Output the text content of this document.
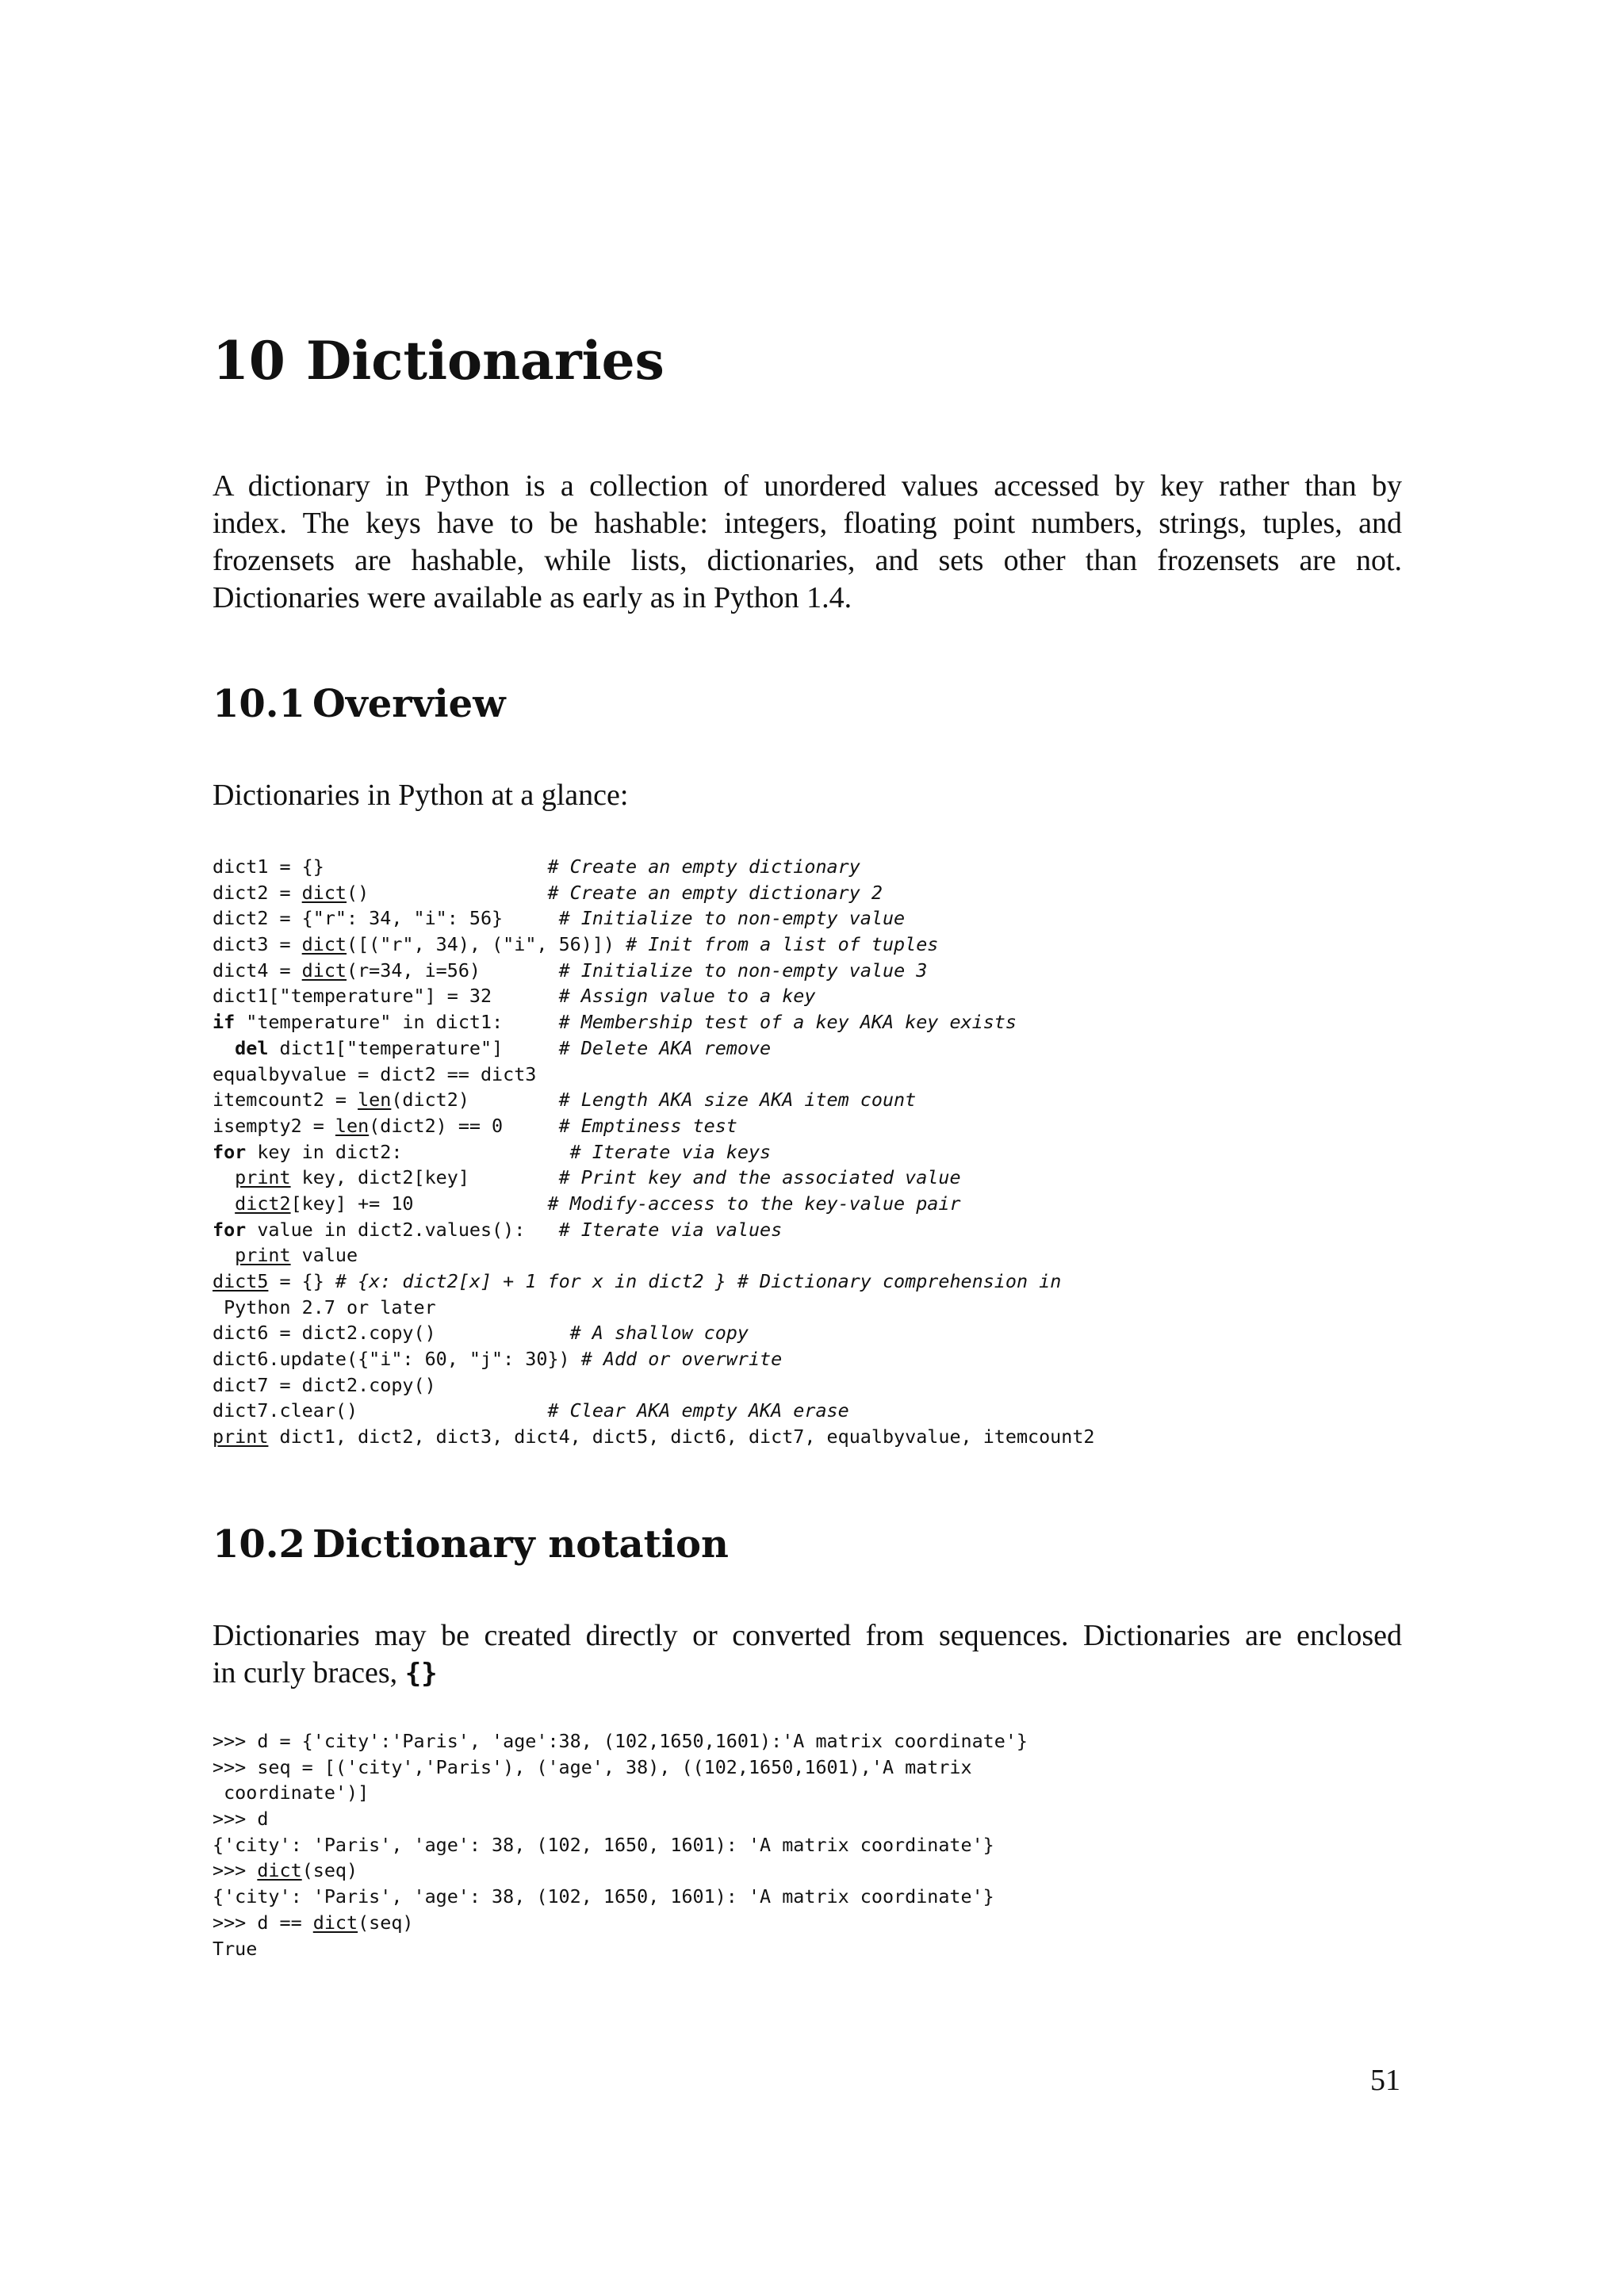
10 Dictionaries

A dictionary in Python is a collection of unordered values accessed by key rather than by
index. The keys have to be hashable: integers, floating point numbers, strings, tuples, and
frozensets are hashable, while lists, dictionaries, and sets other than frozensets are not.
Dictionaries were available as early as in Python 1.4.

10.1 Overview

Dictionaries in Python at a glance:

dict1 = {}                    # Create an empty dictionary
dict2 = dict()                # Create an empty dictionary 2
dict2 = {"r": 34, "i": 56}     # Initialize to non-empty value
dict3 = dict([("r", 34), ("i", 56)]) # Init from a list of tuples
dict4 = dict(r=34, i=56)       # Initialize to non-empty value 3
dict1["temperature"] = 32      # Assign value to a key
if "temperature" in dict1:     # Membership test of a key AKA key exists
del dict1["temperature"]     # Delete AKA remove
equalbyvalue = dict2 == dict3
itemcount2 = len(dict2)        # Length AKA size AKA item count
isempty2 = len(dict2) == 0     # Emptiness test
for key in dict2:               # Iterate via keys
print key, dict2[key]        # Print key and the associated value
dict2[key] += 10            # Modify-access to the key-value pair
for value in dict2.values():   # Iterate via values
print value
dict5 = {} # {x: dict2[x] + 1 for x in dict2 } # Dictionary comprehension in
Python 2.7 or later
dict6 = dict2.copy()            # A shallow copy
dict6.update({"i": 60, "j": 30}) # Add or overwrite
dict7 = dict2.copy()
dict7.clear()                 # Clear AKA empty AKA erase
print dict1, dict2, dict3, dict4, dict5, dict6, dict7, equalbyvalue, itemcount2
10.2 Dictionary notation

Dictionaries may be created directly or converted from sequences. Dictionaries are enclosed
in curly braces, {}

>>> d = {'city':'Paris', 'age':38, (102,1650,1601):'A matrix coordinate'}
>>> seq = [('city','Paris'), ('age', 38), ((102,1650,1601),'A matrix
coordinate')]
>>> d
{'city': 'Paris', 'age': 38, (102, 1650, 1601): 'A matrix coordinate'}
>>> dict(seq)
{'city': 'Paris', 'age': 38, (102, 1650, 1601): 'A matrix coordinate'}
>>> d == dict(seq)
True
51
